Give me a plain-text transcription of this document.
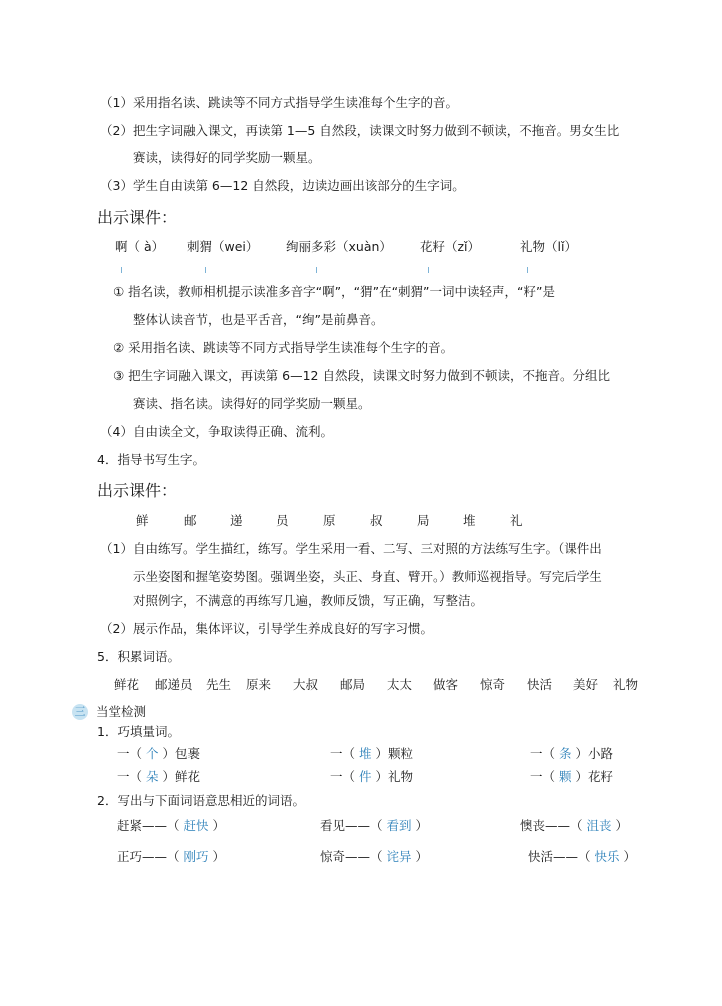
（1）采用指名读、跳读等不同方式指导学生读准每个生字的音。
（2）把生字词融入课文，再读第 1—5 自然段，读课文时努力做到不顿读，不拖音。男女生比
赛读，读得好的同学奖励一颗星。
（3）学生自由读第 6—12 自然段，边读边画出该部分的生字词。
出示课件：
啊（ à） 刺猬（wei） 绚丽多彩（xuàn） 花籽（zǐ）	礼物（lǐ）
① 指名读，教师相机提示读准多音字“啊”，“猬”在“刺猬”一词中读轻声，“籽”是
整体认读音节，也是平舌音，“绚”是前鼻音。
② 采用指名读、跳读等不同方式指导学生读准每个生字的音。
③ 把生字词融入课文，再读第 6—12 自然段，读课文时努力做到不顿读，不拖音。分组比
赛读、指名读。读得好的同学奖励一颗星。
（4）自由读全文，争取读得正确、流利。
4．指导书写生字。
出示课件：
鲜	邮	递	员	原	叔	局	堆	礼
（1）自由练写。学生描红，练写。学生采用一看、二写、三对照的方法练写生字。（课件出
示坐姿图和握笔姿势图。强调坐姿，头正、身直、臂开。）教师巡视指导。写完后学生
对照例字，不满意的再练写几遍，教师反馈，写正确，写整洁。
（2）展示作品，集体评议，引导学生养成良好的写字习惯。
5．积累词语。
鲜花 邮递员 先生 原来 大叔 邮局 太太 做客 惊奇 快活 美好 礼物
三 当堂检测
1．巧填量词。
一（ 个 ）包裹	一（ 堆 ）颗粒	一（ 条 ）小路
一（ 朵 ）鲜花	一（ 件 ）礼物	一（ 颗 ）花籽
2．写出与下面词语意思相近的词语。
赶紧——（ 赶快 ）	看见——（ 看到 ）	懊丧——（ 沮丧 ）
正巧——（ 刚巧 ）	惊奇——（ 诧异 ）	快活——（ 快乐 ）
